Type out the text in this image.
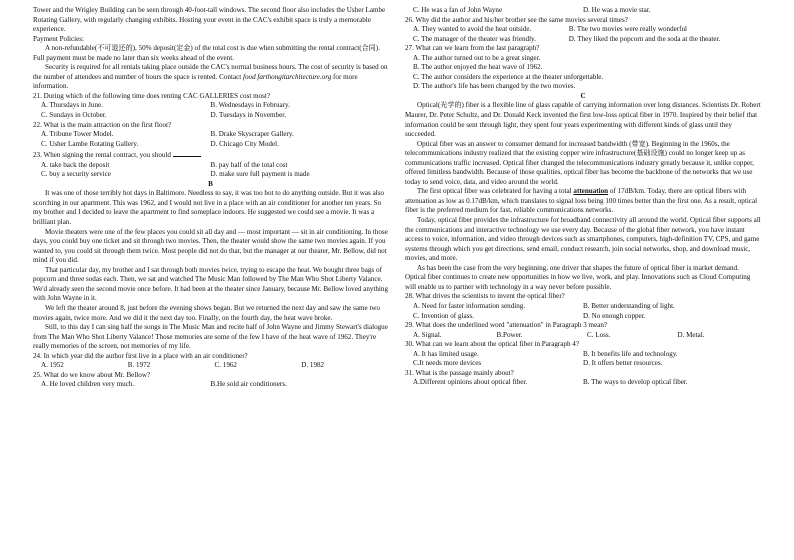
Tower and the Wrigley Building can be seen through 40-foot-tall windows. The second floor also includes the Usher Lambe Rotating Gallery, with regularly changing exhibits. Hosting your event in the CAC's exhibit space is truly a memorable experience.

Payment Policies:

A non-refundable(不可退还的), 50% deposit(定金) of the total cost is due when submitting the rental contract(合同). Full payment must be made no later than six weeks ahead of the event.

Security is required for all rentals taking place outside the CAC's normal business hours. The cost of security is based on the number of attendees and number of hours the space is rented. Contact food farthongitarchitecture.org for more information.

21. During which of the following time does renting CAC GALLERIES cost most?

A. Thursdays in June.	B. Wednesdays in February.
C. Sundays in October.	D. Tuesdays in November.

22. What is the main attraction on the first floor?

A. Tribune Tower Model.	B. Drake Skyscraper Gallery.
C. Usher Lambe Rotating Gallery.	D. Chicago City Model.

23. When signing the rental contract, you should

A. take back the deposit	B. pay half of the total cost
C. buy a security service	D. make sure full payment is made

B

It was one of those terribly hot days in Baltimore. Needless to say, it was too hot to do anything outside. But it was also scorching in our apartment. This was 1962, and I would not live in a place with an air conditioner for another ten years. So my brother and I decided to leave the apartment to find someplace indoors. He suggested we could see a movie. It was a brilliant plan.

Movie theaters were one of the few places you could sit all day and — most important — sit in air conditioning. In those days, you could buy one ticket and sit through two movies. Then, the theater would show the same two movies again. If you wanted to, you could sit through them twice. Most people did not do that, but the manager at our theater, Mr. Bellow, did not mind if you did.

That particular day, my brother and I sat through both movies twice, trying to escape the heat. We bought three bags of popcorn and three sodas each. Then, we sat and watched The Music Man followed by The Man Who Shot Liberty Valance. We'd already seen the second movie once before. It had been at the theater since January, because Mr. Bellow loved anything with John Wayne in it.

We left the theater around 8, just before the evening shows began. But we returned the next day and saw the same two movies again, twice more. And we did it the next day too. Finally, on the fourth day, the heat wave broke.

Still, to this day I can sing half the songs in The Music Man and recite half of John Wayne and Jimmy Stewart's dialogue from The Man Who Shot Liberty Valance! Those memories are some of the few I have of the heat wave of 1962. They're really memories of the screen, not memories of my life.

24. In which year did the author first live in a place with an air conditioner?

A. 1952	B. 1972	C. 1962	D. 1982

25. What do we know about Mr. Bellow?

A. He loved children very much.	B.He sold air conditioners.
C. He was a fan of John Wayne	D. He was a movie star.

26. Why did the author and his/her brother see the same movies several times?

A. They wanted to avoid the heat outside.	B. The two movies were really wonderful
C. The manager of the theater was friendly.	D. They liked the popcorn and the soda at the theater.

27. What can we learn from the last paragraph?

A. The author turned out to be a great singer.

B. The author enjoyed the heat wave of 1962.

C. The author considers the experience at the theater unforgettable.

D. The author's life has been changed by the two movies.

C

Optical(光学的) fiber is a flexible line of glass capable of carrying information over long distances. Scientists Dr. Robert Maurer, Dr. Peter Schultz, and Dr. Donald Keck invented the first low-loss optical fiber in 1970. Inspired by their belief that information could be sent through light, they spent four years experimenting with different kinds of glass until they succeeded.

Optical fiber was an answer to consumer demand for increased bandwidth (带宽). Beginning in the 1960s, the telecommunications industry realized that the existing copper wire infrastructure(基础设施) could no longer keep up as communications traffic increased. Optical fiber changed the telecommunications industry greatly because it, unlike copper, offered limitless bandwidth. Because of those qualities, optical fiber has become the backbone of the networks that we use today to send voice, data, and video around the world.

The first optical fiber was celebrated for having a total attenuation of 17dB/km. Today, there are optical fibers with attenuation as low as 0.17dB/km, which translates to signal loss being 100 times better than the first one. As a result, optical fiber is the preferred medium for fast, reliable communications networks.

Today, optical fiber provides the infrastructure for broadband connectivity all around the world. Optical fiber supports all the communications and interactive technology we use every day. Because of the global fiber network, you have instant access to voice, information, and video through devices such as smartphones, computers, high-definition TV, CPS, and game systems through which you get directions, send email, conduct research, join social networks, shop, and download music, movies, and more.

As has been the case from the very beginning, one driver that shapes the future of optical fiber is market demand. Optical fiber continues to create new opportunities in how we live, work, and play. Innovations such as Cloud Computing will enable us to partner with technology in a way never before possible.

28. What drives the scientists to invent the optical fiber?

A. Need for faster information sending.	B. Better understanding of light.
C. Invention of glass.	D. No enough copper.

29. What does the underlined word "attenuation" in Paragraph 3 mean?

A. Signal.	B.Power.	C. Loss.	D. Metal.

30. What can we learn about the optical fiber in Paragraph 4?

A. It has limited usage.	B. It benefits life and technology.
C.It needs more devices	D. It offers better resources.

31. What is the passage mainly about?

A.Different opinions about optical fiber.	B. The ways to develop optical fiber.
